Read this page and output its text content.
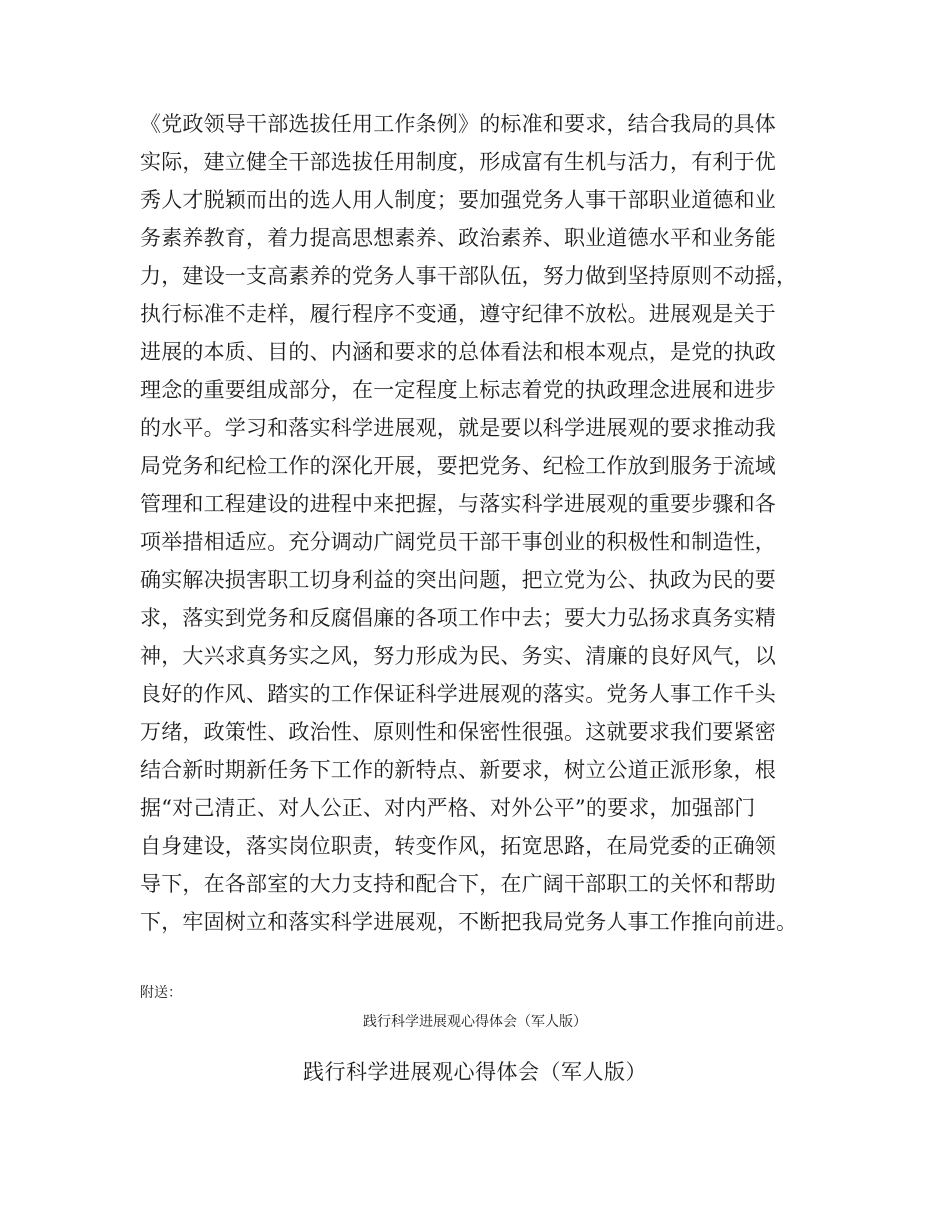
《党政领导干部选拔任用工作条例》的标准和要求，结合我局的具体
实际，建立健全干部选拔任用制度，形成富有生机与活力，有利于优
秀人才脱颖而出的选人用人制度；要加强党务人事干部职业道德和业
务素养教育，着力提高思想素养、政治素养、职业道德水平和业务能
力，建设一支高素养的党务人事干部队伍，努力做到坚持原则不动摇，
执行标准不走样，履行程序不变通，遵守纪律不放松。进展观是关于
进展的本质、目的、内涵和要求的总体看法和根本观点，是党的执政
理念的重要组成部分，在一定程度上标志着党的执政理念进展和进步
的水平。学习和落实科学进展观，就是要以科学进展观的要求推动我
局党务和纪检工作的深化开展，要把党务、纪检工作放到服务于流域
管理和工程建设的进程中来把握，与落实科学进展观的重要步骤和各
项举措相适应。充分调动广阔党员干部干事创业的积极性和制造性，
确实解决损害职工切身利益的突出问题，把立党为公、执政为民的要
求，落实到党务和反腐倡廉的各项工作中去；要大力弘扬求真务实精
神，大兴求真务实之风，努力形成为民、务实、清廉的良好风气，以
良好的作风、踏实的工作保证科学进展观的落实。党务人事工作千头
万绪，政策性、政治性、原则性和保密性很强。这就要求我们要紧密
结合新时期新任务下工作的新特点、新要求，树立公道正派形象，根
据“对己清正、对人公正、对内严格、对外公平”的要求，加强部门
自身建设，落实岗位职责，转变作风，拓宽思路，在局党委的正确领
导下，在各部室的大力支持和配合下，在广阔干部职工的关怀和帮助
下，牢固树立和落实科学进展观，不断把我局党务人事工作推向前进。
附送：
践行科学进展观心得体会（军人版）
践行科学进展观心得体会（军人版）
